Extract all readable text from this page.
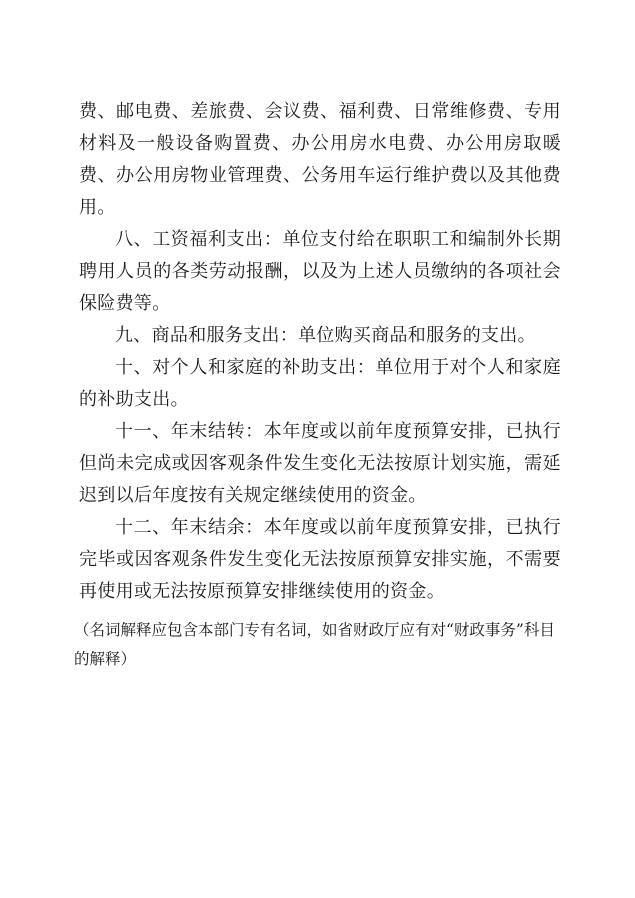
费、邮电费、差旅费、会议费、福利费、日常维修费、专用材料及一般设备购置费、办公用房水电费、办公用房取暖费、办公用房物业管理费、公务用车运行维护费以及其他费用。

八、工资福利支出：单位支付给在职职工和编制外长期聘用人员的各类劳动报酬，以及为上述人员缴纳的各项社会保险费等。

九、商品和服务支出：单位购买商品和服务的支出。

十、对个人和家庭的补助支出：单位用于对个人和家庭的补助支出。

十一、年末结转：本年度或以前年度预算安排，已执行但尚未完成或因客观条件发生变化无法按原计划实施，需延迟到以后年度按有关规定继续使用的资金。

十二、年末结余：本年度或以前年度预算安排，已执行完毕或因客观条件发生变化无法按原预算安排实施，不需要再使用或无法按原预算安排继续使用的资金。

（名词解释应包含本部门专有名词，如省财政厅应有对“财政事务”科目的解释）
